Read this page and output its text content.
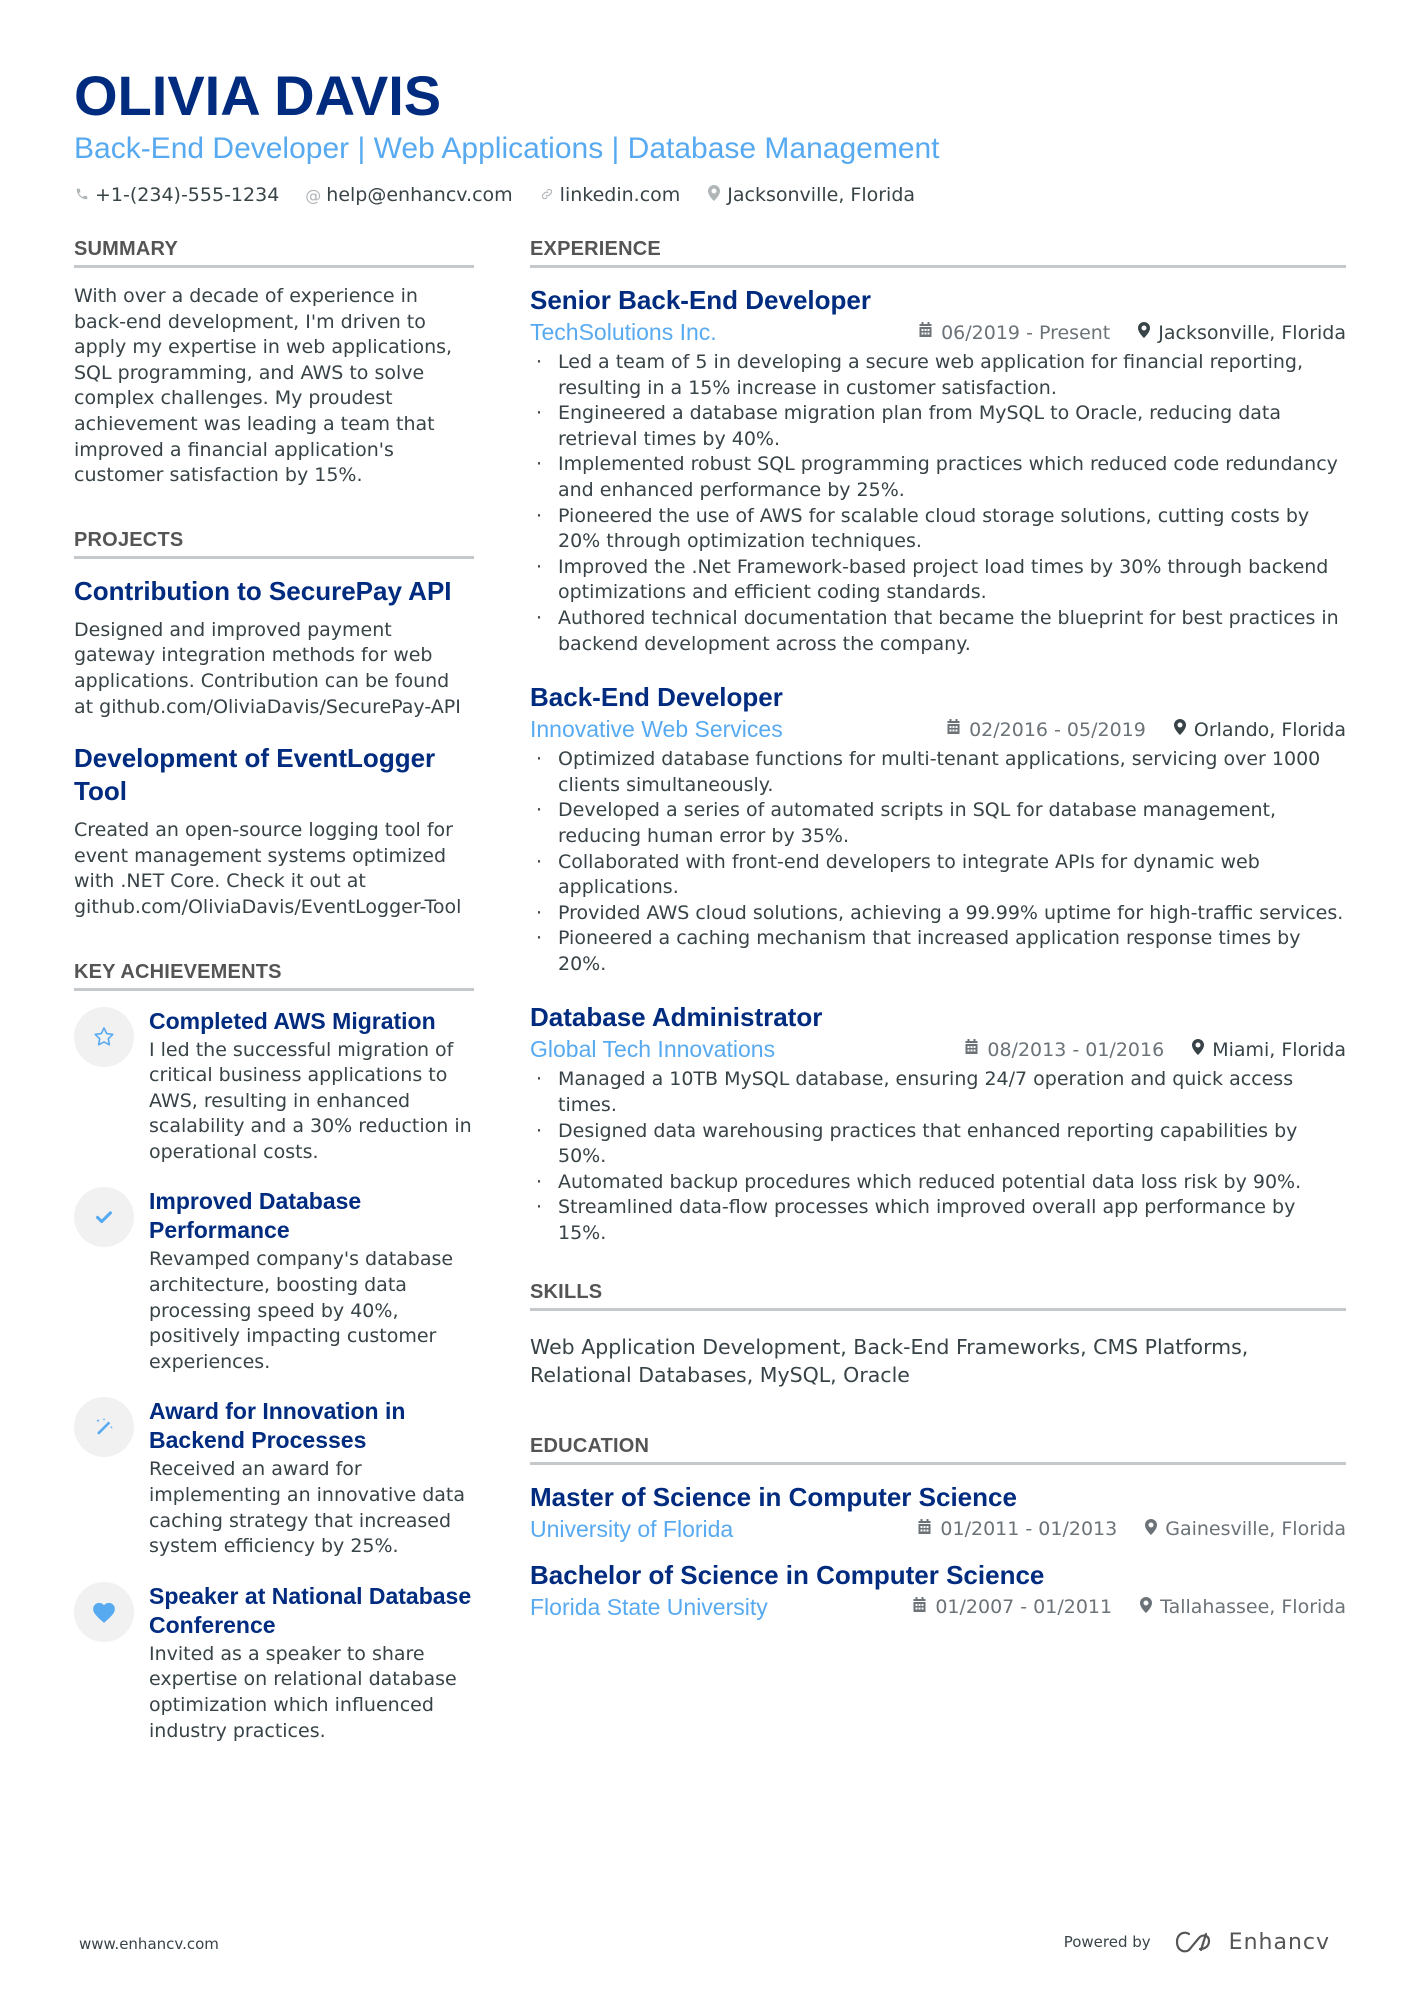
OLIVIA DAVIS
Back-End Developer | Web Applications | Database Management
+1-(234)-555-1234 @ help@enhancv.com linkedin.com Jacksonville, Florida
SUMMARY

With over a decade of experience in back-end development, I'm driven to apply my expertise in web applications, SQL programming, and AWS to solve complex challenges. My proudest achievement was leading a team that improved a financial application's customer satisfaction by 15%.

PROJECTS
Contribution to SecurePay API

Designed and improved payment gateway integration methods for web applications. Contribution can be found at github.com/OliviaDavis/SecurePay-API

Development of EventLogger Tool

Created an open-source logging tool for event management systems optimized with .NET Core. Check it out at github.com/OliviaDavis/EventLogger-Tool

KEY ACHIEVEMENTS
Completed AWS Migration

I led the successful migration of critical business applications to AWS, resulting in enhanced scalability and a 30% reduction in operational costs.

Improved Database Performance

Revamped company's database architecture, boosting data processing speed by 40%, positively impacting customer experiences.

Award for Innovation in Backend Processes

Received an award for implementing an innovative data caching strategy that increased system efficiency by 25%.

Speaker at National Database Conference

Invited as a speaker to share expertise on relational database optimization which influenced industry practices.

EXPERIENCE
Senior Back-End Developer
TechSolutions Inc.	06/2019 - Present	Jacksonville, Florida
· Led a team of 5 in developing a secure web application for financial reporting, resulting in a 15% increase in customer satisfaction.
· Engineered a database migration plan from MySQL to Oracle, reducing data retrieval times by 40%.
· Implemented robust SQL programming practices which reduced code redundancy and enhanced performance by 25%.
· Pioneered the use of AWS for scalable cloud storage solutions, cutting costs by 20% through optimization techniques.
· Improved the .Net Framework-based project load times by 30% through backend optimizations and efficient coding standards.
· Authored technical documentation that became the blueprint for best practices in backend development across the company.
Back-End Developer
Innovative Web Services	02/2016 - 05/2019	Orlando, Florida
· Optimized database functions for multi-tenant applications, servicing over 1000 clients simultaneously.
· Developed a series of automated scripts in SQL for database management, reducing human error by 35%.
· Collaborated with front-end developers to integrate APIs for dynamic web applications.
· Provided AWS cloud solutions, achieving a 99.99% uptime for high-traffic services.
· Pioneered a caching mechanism that increased application response times by 20%.
Database Administrator
Global Tech Innovations	08/2013 - 01/2016	Miami, Florida
· Managed a 10TB MySQL database, ensuring 24/7 operation and quick access times.
· Designed data warehousing practices that enhanced reporting capabilities by 50%.
· Automated backup procedures which reduced potential data loss risk by 90%.
· Streamlined data-flow processes which improved overall app performance by 15%.
SKILLS

Web Application Development, Back-End Frameworks, CMS Platforms, Relational Databases, MySQL, Oracle

EDUCATION
Master of Science in Computer Science
University of Florida	01/2011 - 01/2013	Gainesville, Florida
Bachelor of Science in Computer Science
Florida State University	01/2007 - 01/2011	Tallahassee, Florida
www.enhancv.com	Powered by	Enhancv
